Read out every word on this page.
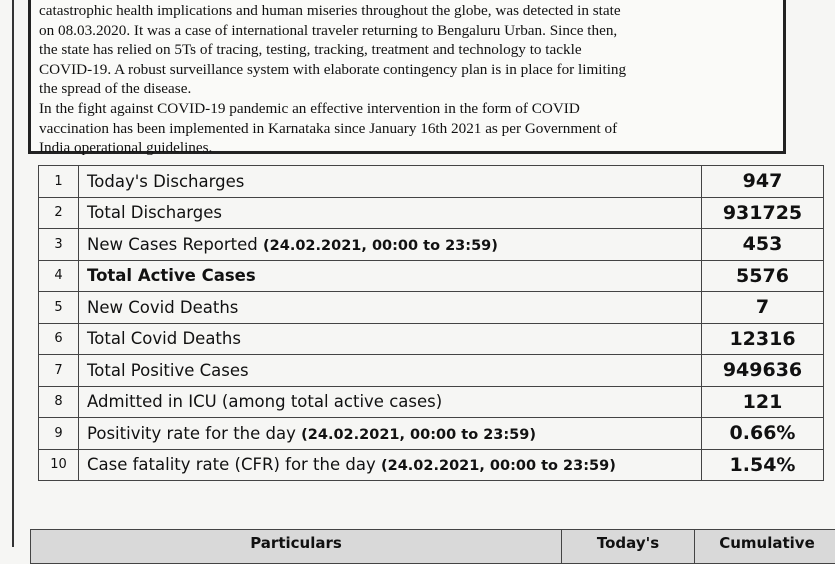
catastrophic health implications and human miseries throughout the globe, was detected in state
on 08.03.2020. It was a case of international traveler returning to Bengaluru Urban. Since then,
the state has relied on 5Ts of tracing, testing, tracking, treatment and technology to tackle
COVID-19. A robust surveillance system with elaborate contingency plan is in place for limiting
the spread of the disease.
In the fight against COVID-19 pandemic an effective intervention in the form of COVID
vaccination has been implemented in Karnataka since January 16th 2021 as per Government of
India operational guidelines.

1	Today's Discharges	947
2	Total Discharges	931725
3	New Cases Reported (24.02.2021, 00:00 to 23:59)	453
4	Total Active Cases	5576
5	New Covid Deaths	7
6	Total Covid Deaths	12316
7	Total Positive Cases	949636
8	Admitted in ICU (among total active cases)	121
9	Positivity rate for the day (24.02.2021, 00:00 to 23:59)	0.66%
10	Case fatality rate (CFR) for the day (24.02.2021, 00:00 to 23:59)	1.54%
Particulars	Today's	Cumulative
